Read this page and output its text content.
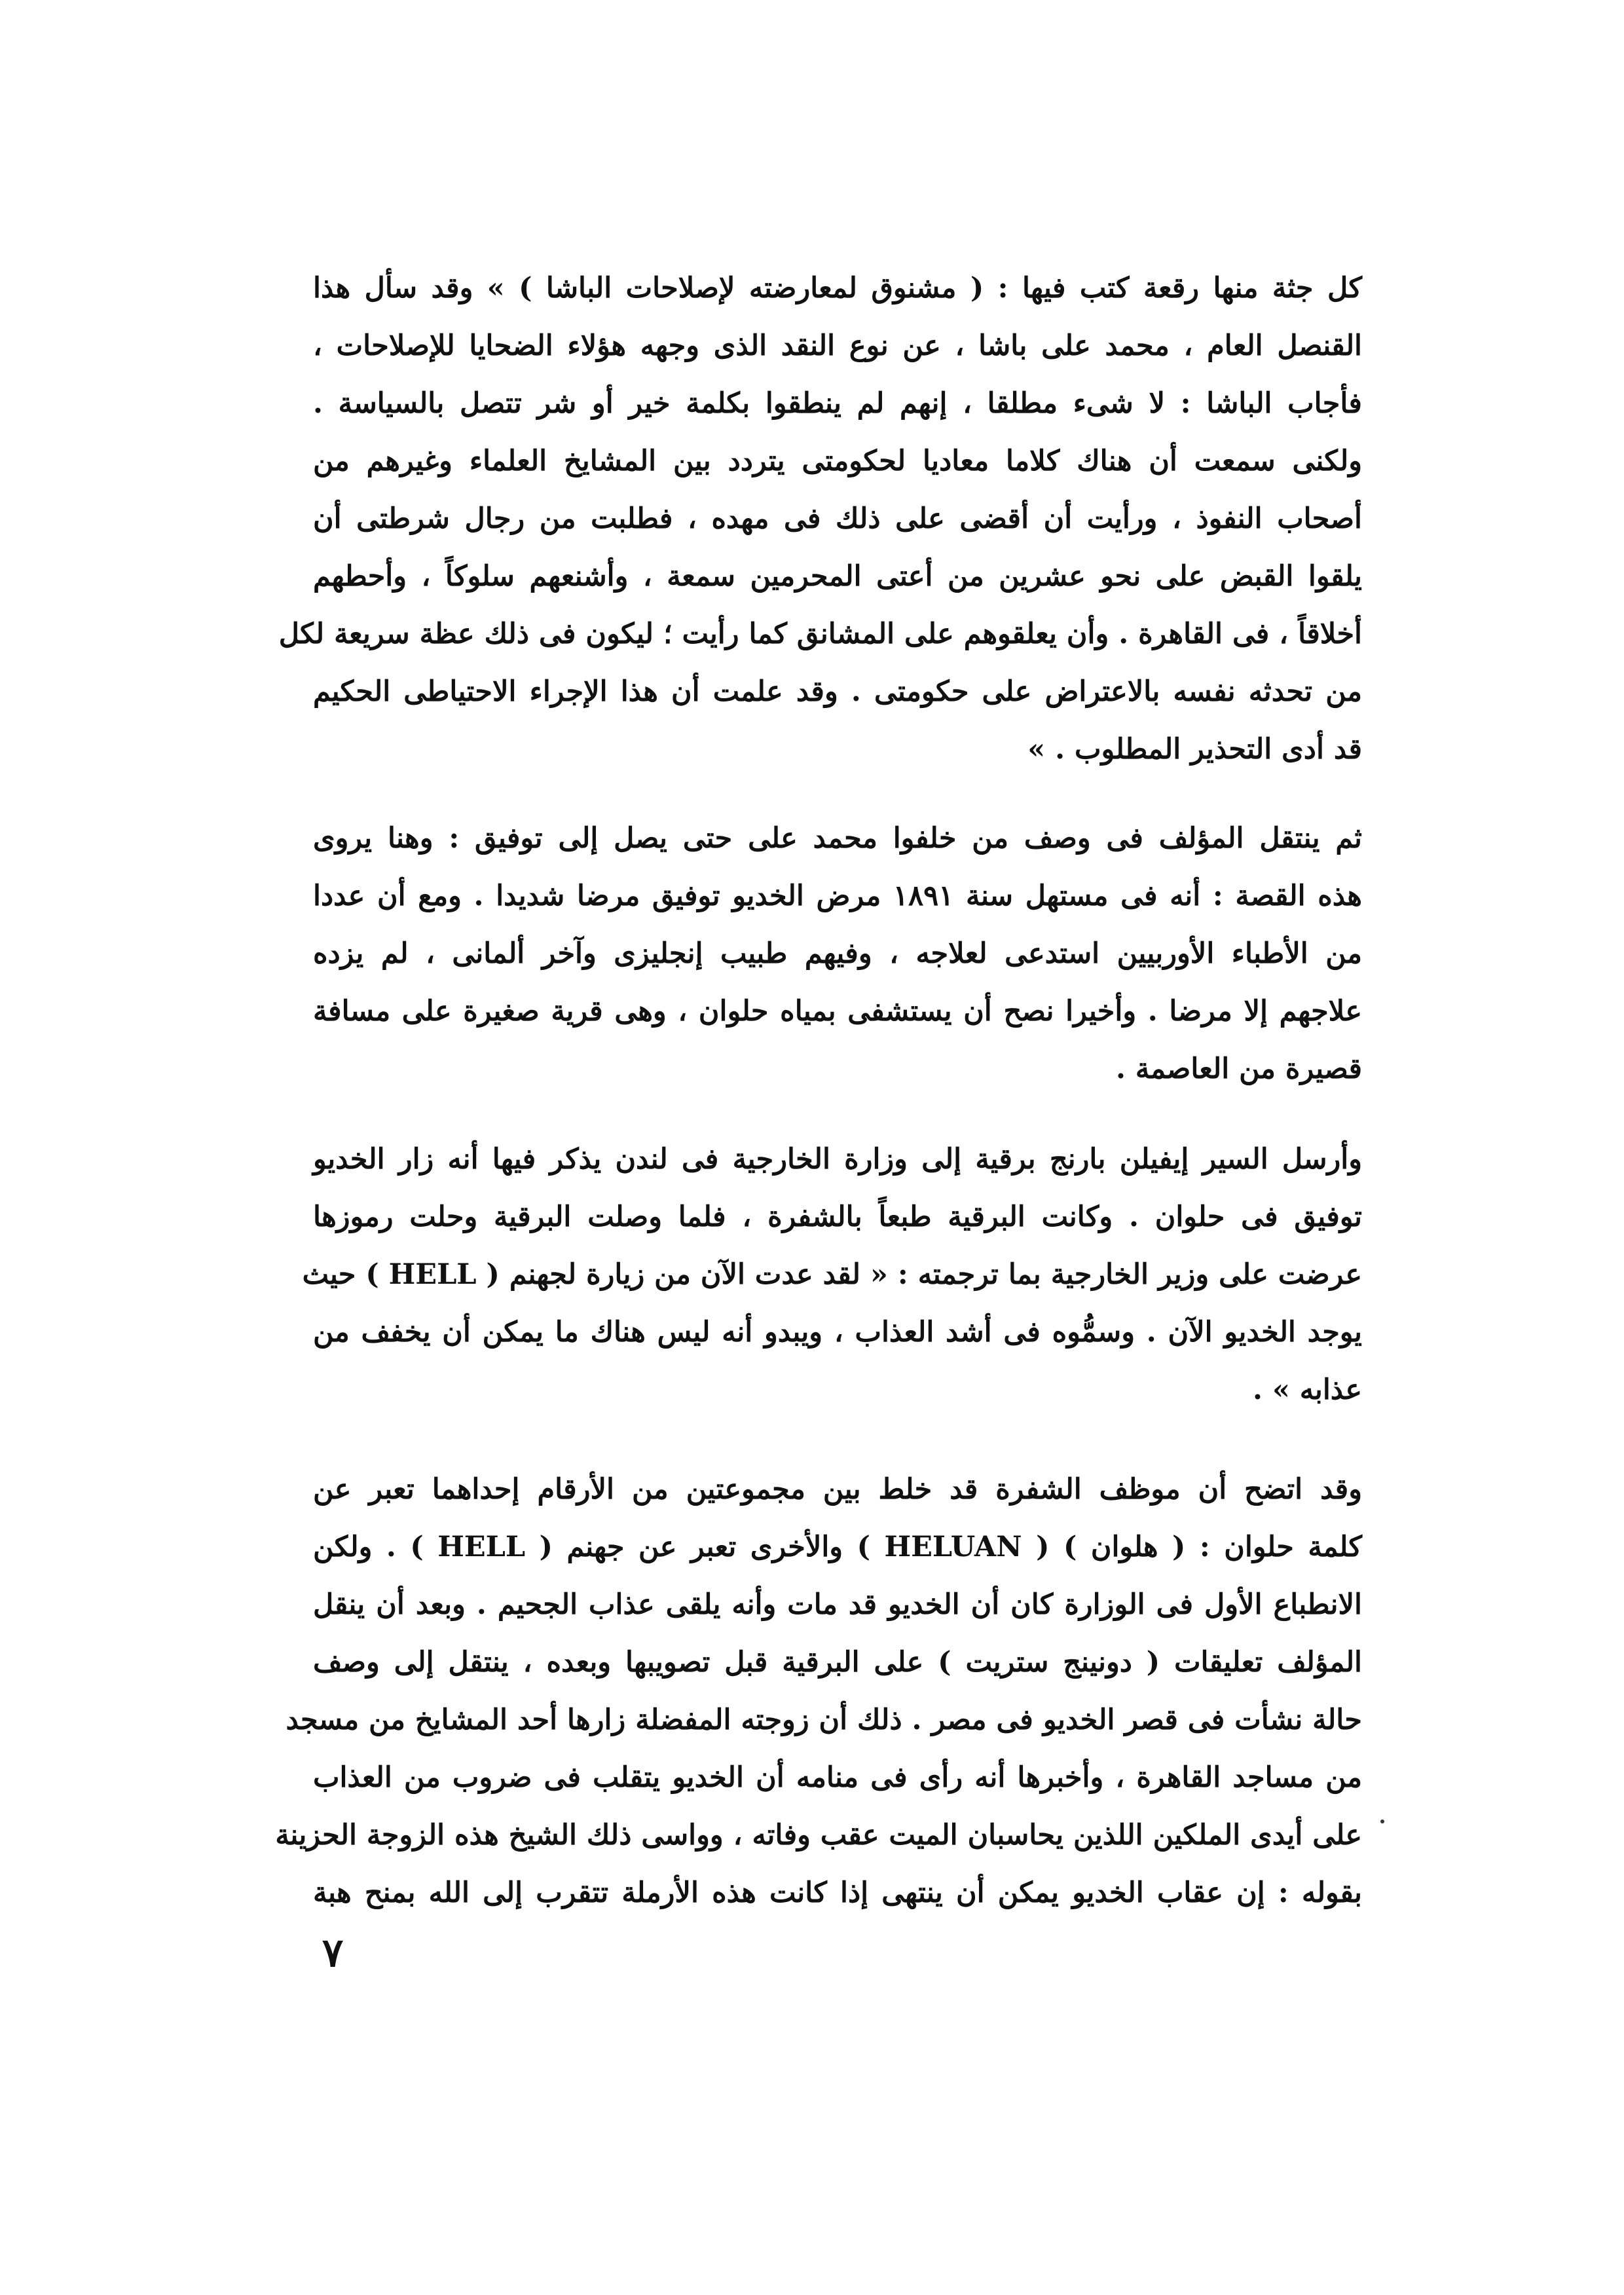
كل جثة منها رقعة كتب فيها : ( مشنوق لمعارضته لإصلاحات الباشا ) » وقد سأل هذا
القنصل العام ، محمد على باشا ، عن نوع النقد الذى وجهه هؤلاء الضحايا للإصلاحات ،
فأجاب الباشا : لا شىء مطلقا ، إنهم لم ينطقوا بكلمة خير أو شر تتصل بالسياسة .
ولكنى سمعت أن هناك كلاما معاديا لحكومتى يتردد بين المشايخ العلماء وغيرهم من
أصحاب النفوذ ، ورأيت أن أقضى على ذلك فى مهده ، فطلبت من رجال شرطتى أن
يلقوا القبض على نحو عشرين من أعتى المحرمين سمعة ، وأشنعهم سلوكاً ، وأحطهم
أخلاقاً ، فى القاهرة . وأن يعلقوهم على المشانق كما رأيت ؛ ليكون فى ذلك عظة سريعة لكل
من تحدثه نفسه بالاعتراض على حكومتى . وقد علمت أن هذا الإجراء الاحتياطى الحكيم
قد أدى التحذير المطلوب . »
ثم ينتقل المؤلف فى وصف من خلفوا محمد على حتى يصل إلى توفيق : وهنا يروى
هذه القصة : أنه فى مستهل سنة ١٨٩١ مرض الخديو توفيق مرضا شديدا . ومع أن عددا
من الأطباء الأوربيين استدعى لعلاجه ، وفيهم طبيب إنجليزى وآخر ألمانى ، لم يزده
علاجهم إلا مرضا . وأخيرا نصح أن يستشفى بمياه حلوان ، وهى قرية صغيرة على مسافة
قصيرة من العاصمة .
وأرسل السير إيفيلن بارنج برقية إلى وزارة الخارجية فى لندن يذكر فيها أنه زار الخديو
توفيق فى حلوان . وكانت البرقية طبعاً بالشفرة ، فلما وصلت البرقية وحلت رموزها
عرضت على وزير الخارجية بما ترجمته : « لقد عدت الآن من زيارة لجهنم ( HELL ) حيث
يوجد الخديو الآن . وسمُّوه فى أشد العذاب ، ويبدو أنه ليس هناك ما يمكن أن يخفف من
عذابه » .
وقد اتضح أن موظف الشفرة قد خلط بين مجموعتين من الأرقام إحداهما تعبر عن
كلمة حلوان : ( هلوان ) ( HELUAN ) والأخرى تعبر عن جهنم ( HELL ) . ولكن
الانطباع الأول فى الوزارة كان أن الخديو قد مات وأنه يلقى عذاب الجحيم . وبعد أن ينقل
المؤلف تعليقات ( دونينج ستريت ) على البرقية قبل تصويبها وبعده ، ينتقل إلى وصف
حالة نشأت فى قصر الخديو فى مصر . ذلك أن زوجته المفضلة زارها أحد المشايخ من مسجد
من مساجد القاهرة ، وأخبرها أنه رأى فى منامه أن الخديو يتقلب فى ضروب من العذاب
على أيدى الملكين اللذين يحاسبان الميت عقب وفاته ، وواسى ذلك الشيخ هذه الزوجة الحزينة
بقوله : إن عقاب الخديو يمكن أن ينتهى إذا كانت هذه الأرملة تتقرب إلى الله بمنح هبة
٧
